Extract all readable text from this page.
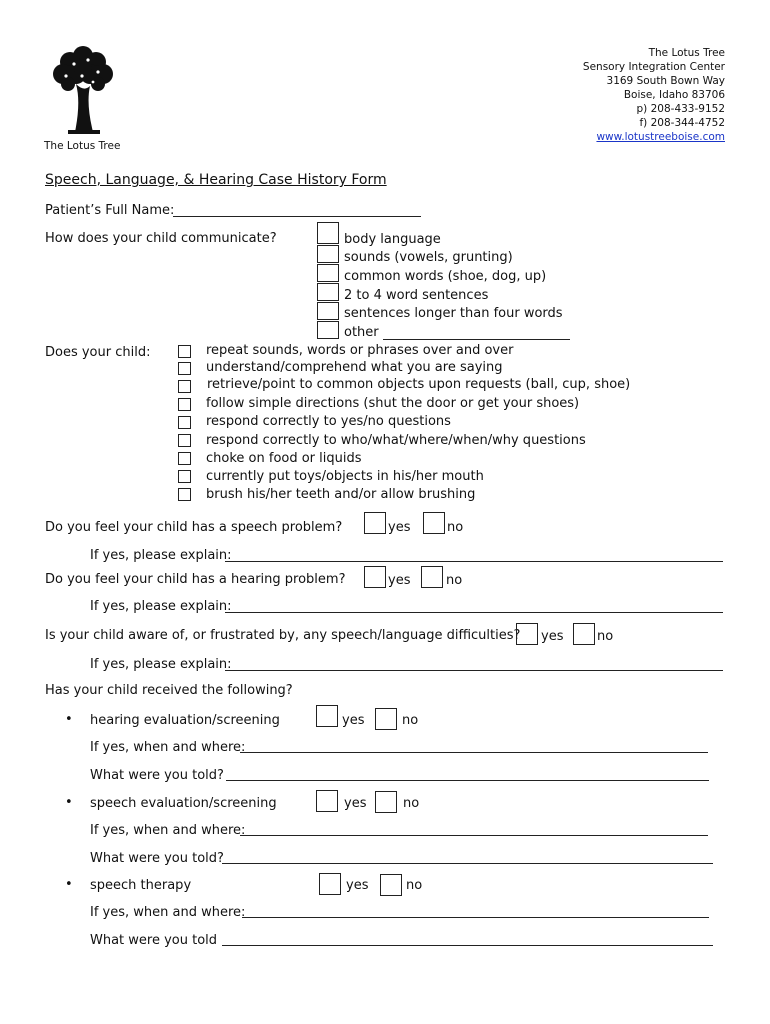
The Lotus Tree
The Lotus Tree
Sensory Integration Center
3169 South Bown Way
Boise, Idaho 83706
p) 208-433-9152
f) 208-344-4752
www.lotustreeboise.com
Speech, Language, & Hearing Case History Form
Patient’s Full Name:
How does your child communicate?	body language
sounds (vowels, grunting)
common words (shoe, dog, up)
2 to 4 word sentences
sentences longer than four words
other
Does your child:	repeat sounds, words or phrases over and over
understand/comprehend what you are saying
retrieve/point to common objects upon requests (ball, cup, shoe)
follow simple directions (shut the door or get your shoes)
respond correctly to yes/no questions
respond correctly to who/what/where/when/why questions
choke on food or liquids
currently put toys/objects in his/her mouth
brush his/her teeth and/or allow brushing
Do you feel your child has a speech problem?	yes	no
If yes, please explain:
Do you feel your child has a hearing problem?	yes	no
If yes, please explain:
Is your child aware of, or frustrated by, any speech/language difficulties? yes	no
If yes, please explain:
Has your child received the following?
• hearing evaluation/screening	yes	no
If yes, when and where:
What were you told?
• speech evaluation/screening	yes	no
If yes, when and where:
What were you told?
• speech therapy	yes	no
If yes, when and where:
What were you told
